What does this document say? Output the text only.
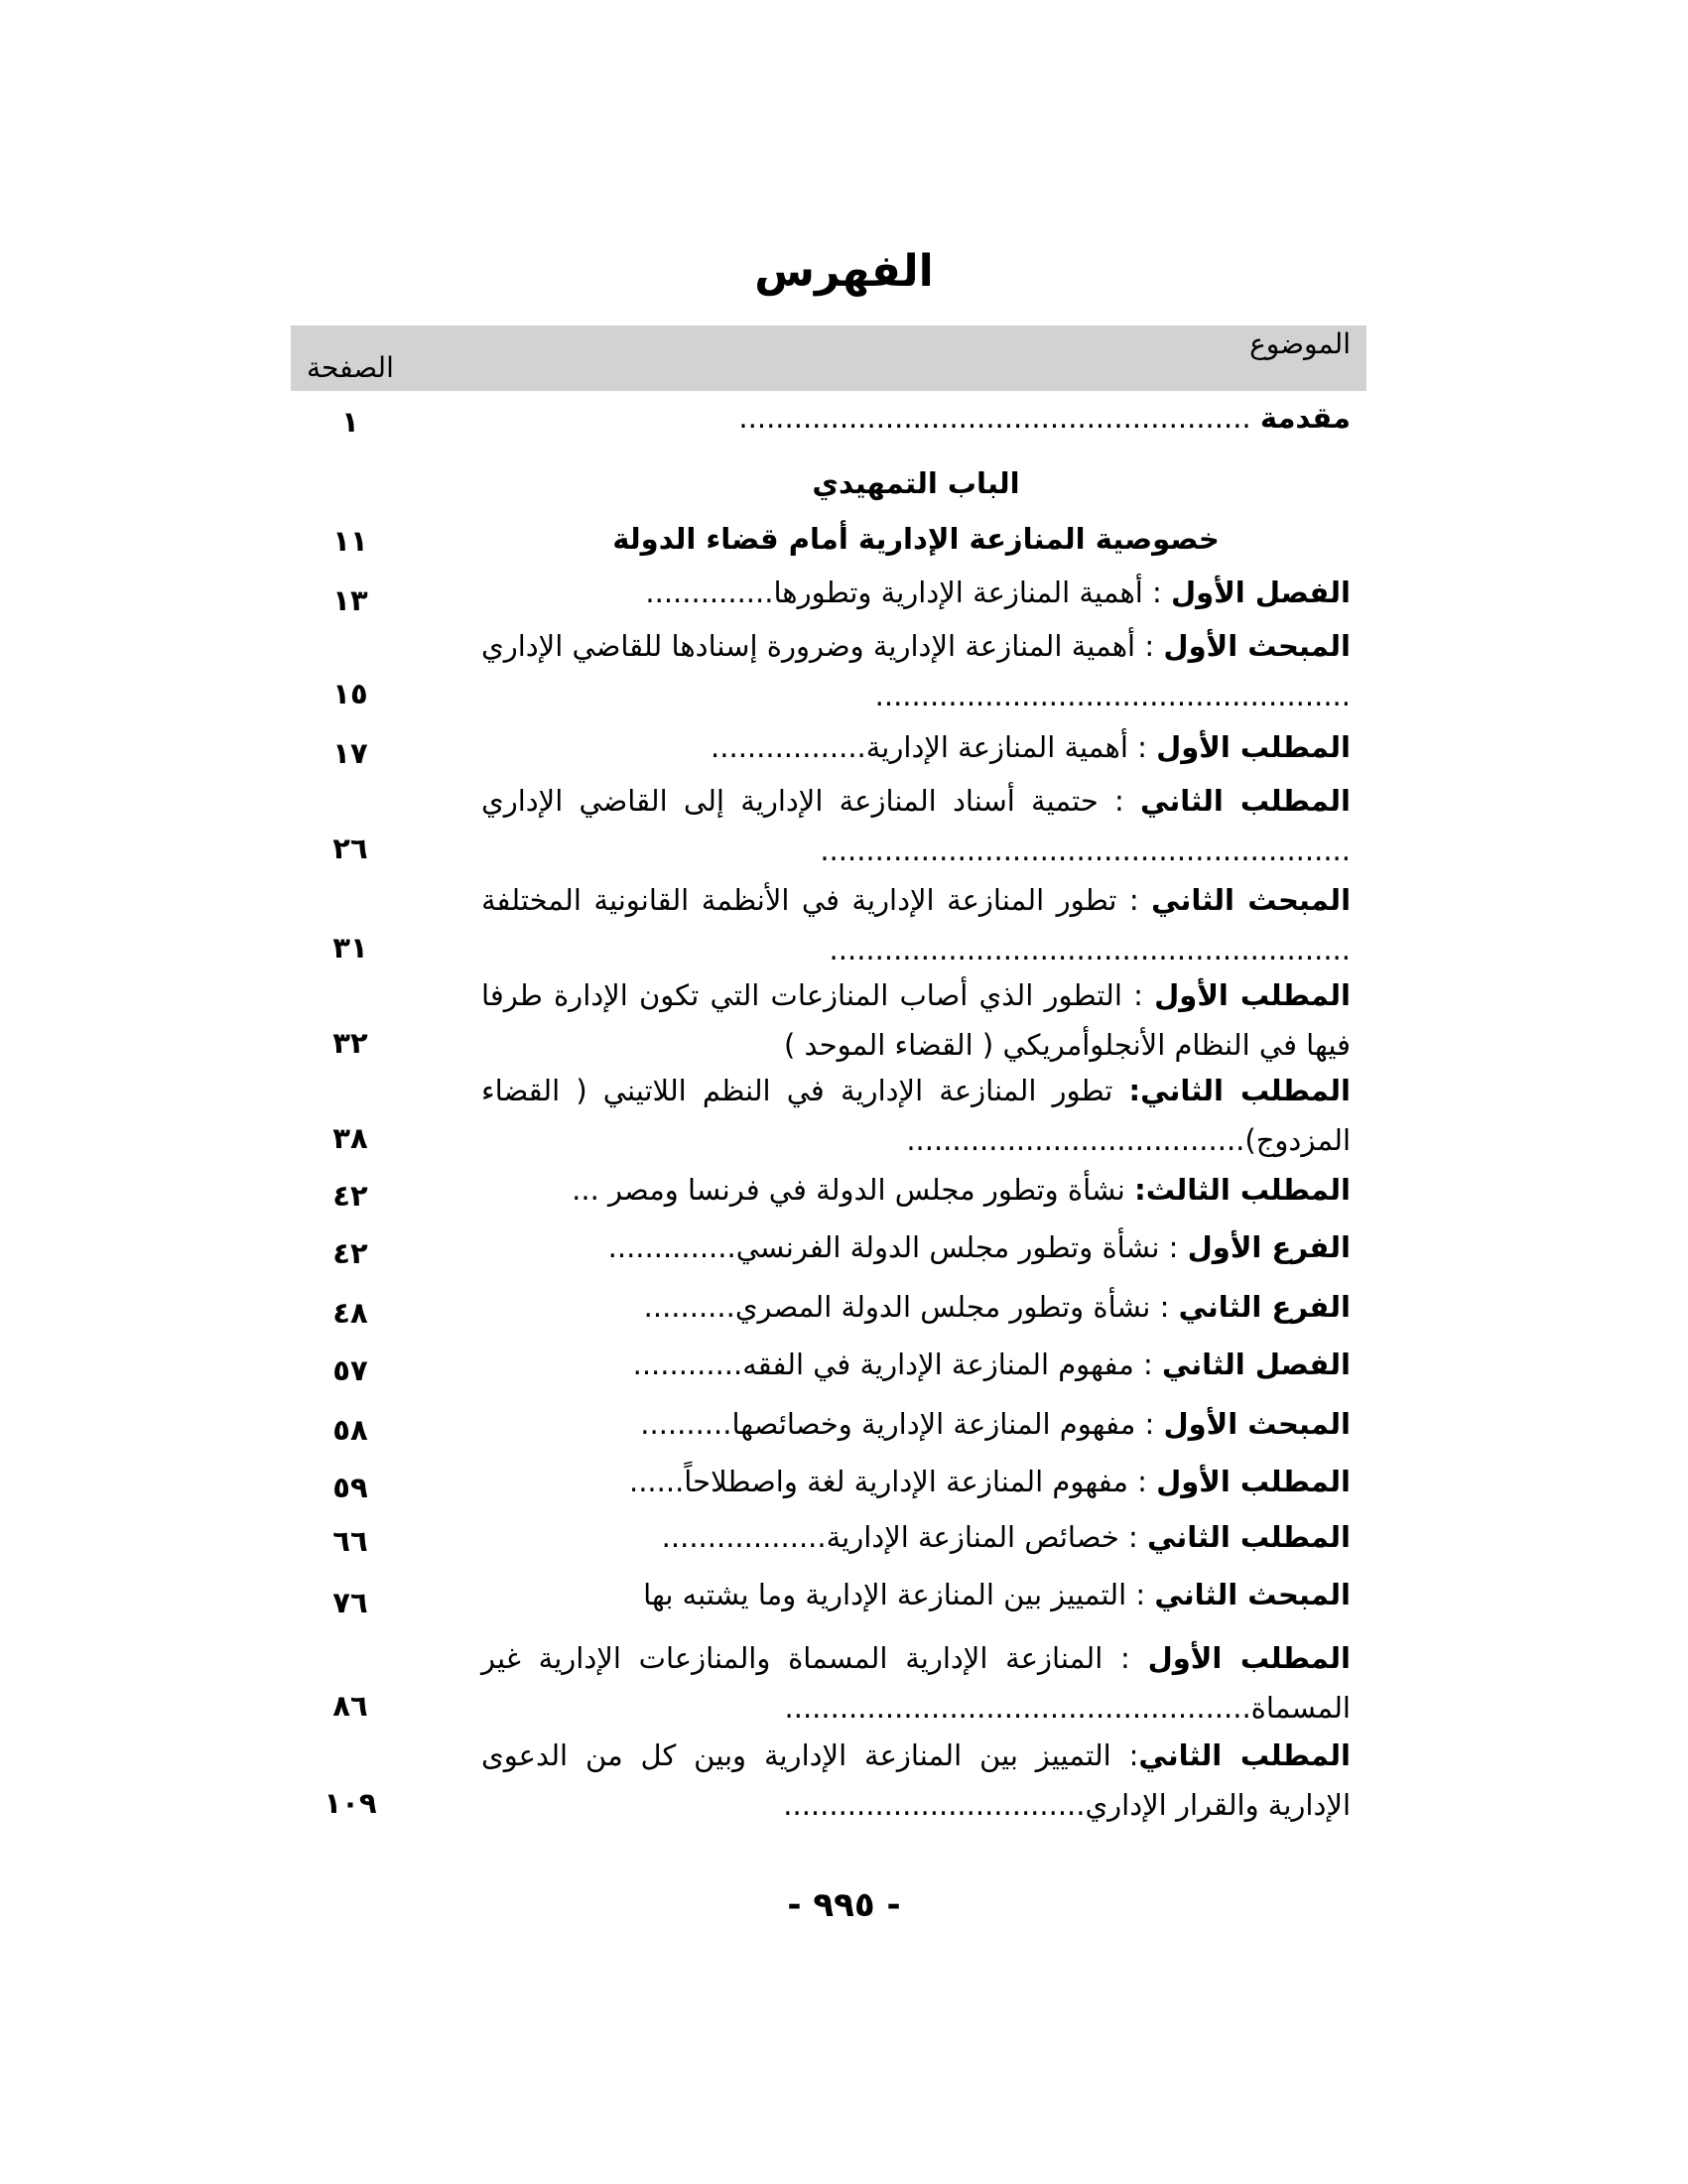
الفهرس
الموضوع
الصفحة
مقدمة ........................................................
١
الباب التمهيدي
خصوصية المنازعة الإدارية أمام قضاء الدولة
١١
الفصل الأول : أهمية المنازعة الإدارية وتطورها..............
١٣
المبحث الأول : أهمية المنازعة الإدارية وضرورة إسنادها للقاضي الإداري ....................................................
١٥
المطلب الأول : أهمية المنازعة الإدارية.................
١٧
المطلب الثاني : حتمية أسناد المنازعة الإدارية إلى القاضي الإداري ..........................................................
٢٦
المبحث الثاني : تطور المنازعة الإدارية في الأنظمة القانونية المختلفة .........................................................
٣١
المطلب الأول : التطور الذي أصاب المنازعات التي تكون الإدارة طرفا فيها في النظام الأنجلوأمريكي ( القضاء الموحد )
٣٢
المطلب الثاني: تطور المنازعة الإدارية في النظم اللاتيني ( القضاء المزدوج).....................................
٣٨
المطلب الثالث: نشأة وتطور مجلس الدولة في فرنسا ومصر ...
٤٢
الفرع الأول : نشأة وتطور مجلس الدولة الفرنسي..............
٤٢
الفرع الثاني : نشأة وتطور مجلس الدولة المصري..........
٤٨
الفصل الثاني : مفهوم المنازعة الإدارية في الفقه............
٥٧
المبحث الأول : مفهوم المنازعة الإدارية وخصائصها..........
٥٨
المطلب الأول : مفهوم المنازعة الإدارية لغة واصطلاحاً......
٥٩
المطلب الثاني : خصائص المنازعة الإدارية..................
٦٦
المبحث الثاني : التمييز بين المنازعة الإدارية وما يشتبه بها
٧٦
المطلب الأول : المنازعة الإدارية المسماة والمنازعات الإدارية غير المسماة...................................................
٨٦
المطلب الثاني: التمييز بين المنازعة الإدارية وبين كل من الدعوى الإدارية والقرار الإداري.................................
١٠٩
- ٩٩٥ -
